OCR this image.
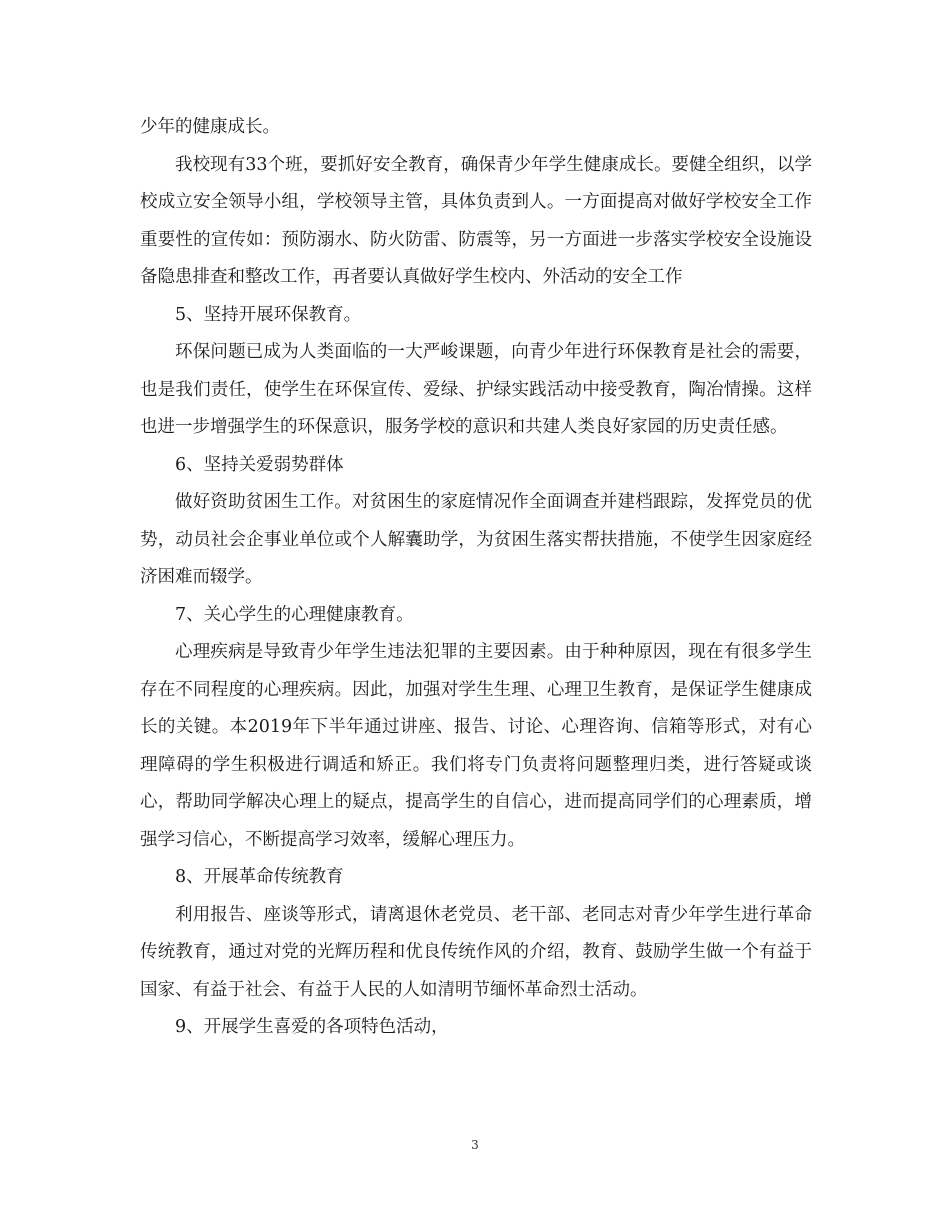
少年的健康成长。

我校现有33个班，要抓好安全教育，确保青少年学生健康成长。要健全组织，以学校成立安全领导小组，学校领导主管，具体负责到人。一方面提高对做好学校安全工作重要性的宣传如：预防溺水、防火防雷、防震等，另一方面进一步落实学校安全设施设备隐患排查和整改工作，再者要认真做好学生校内、外活动的安全工作

5、坚持开展环保教育。

环保问题已成为人类面临的一大严峻课题，向青少年进行环保教育是社会的需要，也是我们责任，使学生在环保宣传、爱绿、护绿实践活动中接受教育，陶冶情操。这样也进一步增强学生的环保意识，服务学校的意识和共建人类良好家园的历史责任感。

6、坚持关爱弱势群体

做好资助贫困生工作。对贫困生的家庭情况作全面调查并建档跟踪，发挥党员的优势，动员社会企事业单位或个人解囊助学，为贫困生落实帮扶措施，不使学生因家庭经济困难而辍学。

7、关心学生的心理健康教育。

心理疾病是导致青少年学生违法犯罪的主要因素。由于种种原因，现在有很多学生存在不同程度的心理疾病。因此，加强对学生生理、心理卫生教育，是保证学生健康成长的关键。本2019年下半年通过讲座、报告、讨论、心理咨询、信箱等形式，对有心理障碍的学生积极进行调适和矫正。我们将专门负责将问题整理归类，进行答疑或谈心，帮助同学解决心理上的疑点，提高学生的自信心，进而提高同学们的心理素质，增强学习信心，不断提高学习效率，缓解心理压力。

8、开展革命传统教育

利用报告、座谈等形式，请离退休老党员、老干部、老同志对青少年学生进行革命传统教育，通过对党的光辉历程和优良传统作风的介绍，教育、鼓励学生做一个有益于国家、有益于社会、有益于人民的人如清明节缅怀革命烈士活动。

9、开展学生喜爱的各项特色活动，

3
